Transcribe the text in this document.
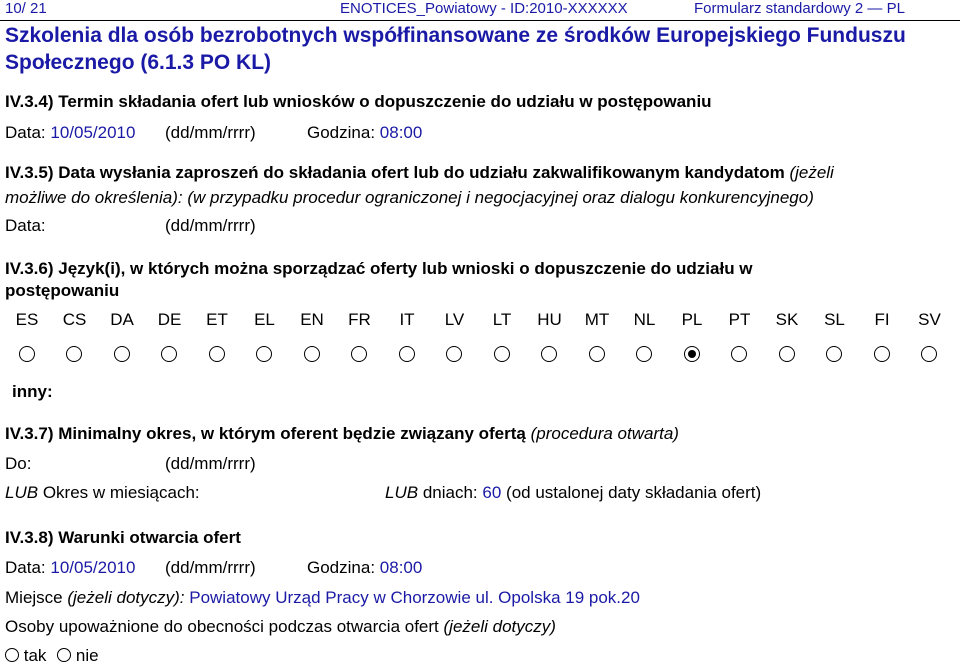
10/ 21	ENOTICES_Powiatowy - ID:2010-XXXXXX	Formularz standardowy 2 — PL
Szkolenia dla osób bezrobotnych współfinansowane ze środków Europejskiego Funduszu Społecznego (6.1.3 PO KL)
IV.3.4) Termin składania ofert lub wniosków o dopuszczenie do udziału w postępowaniu
Data: 10/05/2010 (dd/mm/rrrr)	Godzina: 08:00
IV.3.5) Data wysłania zaproszeń do składania ofert lub do udziału zakwalifikowanym kandydatom (jeżeli
możliwe do określenia): (w przypadku procedur ograniczonej i negocjacyjnej oraz dialogu konkurencyjnego)
Data:	(dd/mm/rrrr)
IV.3.6) Język(i), w których można sporządzać oferty lub wnioski o dopuszczenie do udziału w
postępowaniu
ES	CS	DA	DE	ET	EL	EN	FR	IT	LV	LT	HU	MT	NL	PL	PT	SK	SL	FI	SV
inny:
IV.3.7) Minimalny okres, w którym oferent będzie związany ofertą (procedura otwarta)
Do:	(dd/mm/rrrr)
LUB Okres w miesiącach:	LUB dniach: 60 (od ustalonej daty składania ofert)
IV.3.8) Warunki otwarcia ofert
Data: 10/05/2010 (dd/mm/rrrr)	Godzina: 08:00
Miejsce (jeżeli dotyczy): Powiatowy Urząd Pracy w Chorzowie ul. Opolska 19 pok.20
Osoby upoważnione do obecności podczas otwarcia ofert (jeżeli dotyczy)
tak nie
